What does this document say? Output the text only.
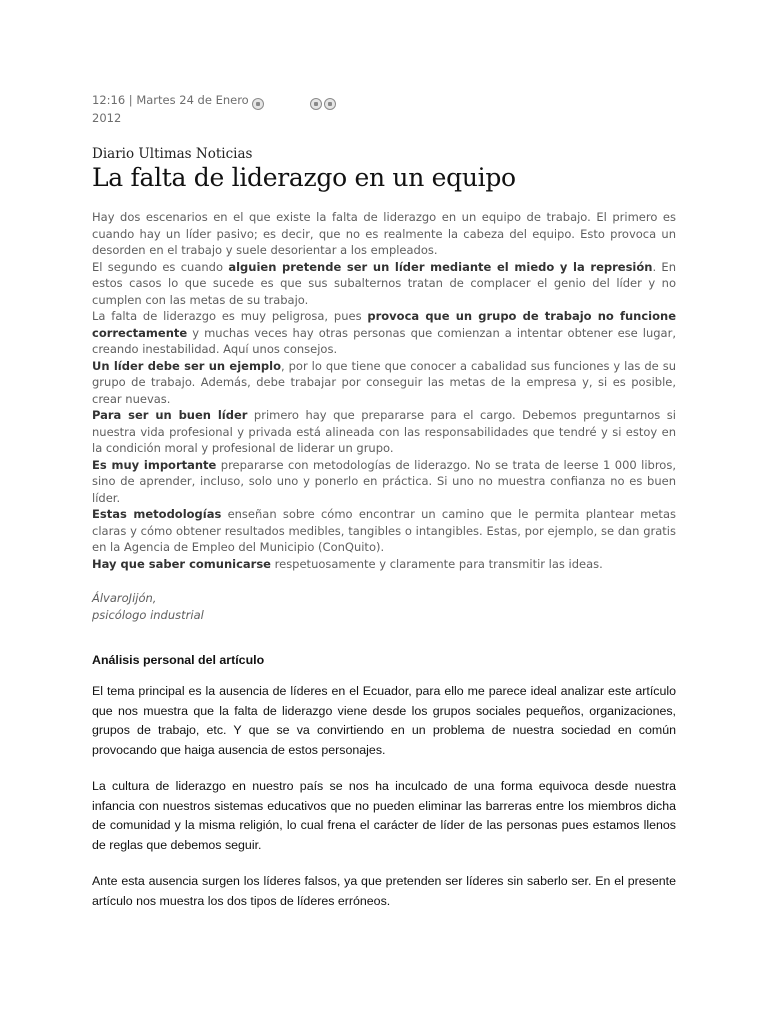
12:16 | Martes 24 de Enero
2012
Diario Ultimas Noticias
La falta de liderazgo en un equipo

Hay dos escenarios en el que existe la falta de liderazgo en un equipo de trabajo. El primero es cuando hay un líder pasivo; es decir, que no es realmente la cabeza del equipo. Esto provoca un desorden en el trabajo y suele desorientar a los empleados.

El segundo es cuando alguien pretende ser un líder mediante el miedo y la represión. En estos casos lo que sucede es que sus subalternos tratan de complacer el genio del líder y no cumplen con las metas de su trabajo.

La falta de liderazgo es muy peligrosa, pues provoca que un grupo de trabajo no funcione correctamente y muchas veces hay otras personas que comienzan a intentar obtener ese lugar, creando inestabilidad. Aquí unos consejos.

Un líder debe ser un ejemplo, por lo que tiene que conocer a cabalidad sus funciones y las de su grupo de trabajo. Además, debe trabajar por conseguir las metas de la empresa y, si es posible, crear nuevas.

Para ser un buen líder primero hay que prepararse para el cargo. Debemos preguntarnos si nuestra vida profesional y privada está alineada con las responsabilidades que tendré y si estoy en la condición moral y profesional de liderar un grupo.

Es muy importante prepararse con metodologías de liderazgo. No se trata de leerse 1 000 libros, sino de aprender, incluso, solo uno y ponerlo en práctica. Si uno no muestra confianza no es buen líder.

Estas metodologías enseñan sobre cómo encontrar un camino que le permita plantear metas claras y cómo obtener resultados medibles, tangibles o intangibles. Estas, por ejemplo, se dan gratis en la Agencia de Empleo del Municipio (ConQuito).

Hay que saber comunicarse respetuosamente y claramente para transmitir las ideas.

ÁlvaroJijón,
psicólogo industrial
Análisis personal del artículo

El tema principal es la ausencia de líderes en el Ecuador, para ello me parece ideal analizar este artículo que nos muestra que la falta de liderazgo viene desde los grupos sociales pequeños, organizaciones, grupos de trabajo, etc. Y que se va convirtiendo en un problema de nuestra sociedad en común provocando que haiga ausencia de estos personajes.

La cultura de liderazgo en nuestro país se nos ha inculcado de una forma equivoca desde nuestra infancia con nuestros sistemas educativos que no pueden eliminar las barreras entre los miembros dicha de comunidad y la misma religión, lo cual frena el carácter de líder de las personas pues estamos llenos de reglas que debemos seguir.

Ante esta ausencia surgen los líderes falsos, ya que pretenden ser líderes sin saberlo ser. En el presente artículo nos muestra los dos tipos de líderes erróneos.
